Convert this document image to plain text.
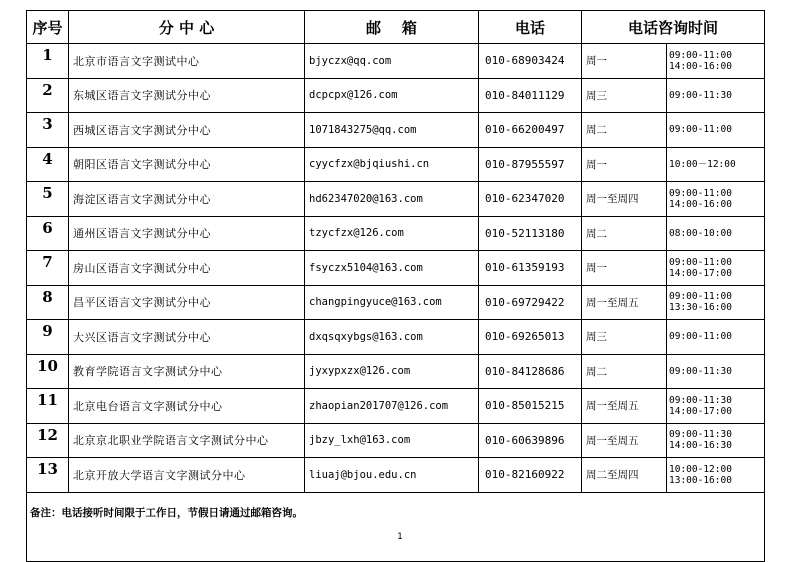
序号	分 中 心	邮    箱	电话	电话咨询时间	
1	北京市语言文字测试中心	bjyczx@qq.com	010-68903424	周一	09:00-11:00
14:00-16:00

2	东城区语言文字测试分中心	dcpcpx@126.com	010-84011129	周三	09:00-11:30

3	西城区语言文字测试分中心	1071843275@qq.com	010-66200497	周二	09:00-11:00

4	朝阳区语言文字测试分中心	cyycfzx@bjqiushi.cn	010-87955597	周一	10:00－12:00

5	海淀区语言文字测试分中心	hd62347020@163.com	010-62347020	周一至周四	09:00-11:00
14:00-16:00

6	通州区语言文字测试分中心	tzycfzx@126.com	010-52113180	周二	08:00-10:00

7	房山区语言文字测试分中心	fsyczx5104@163.com	010-61359193	周一	09:00-11:00
14:00-17:00

8	昌平区语言文字测试分中心	changpingyuce@163.com	010-69729422	周一至周五	09:00-11:00
13:30-16:00

9	大兴区语言文字测试分中心	dxqsqxybgs@163.com	010-69265013	周三	09:00-11:00

10	教育学院语言文字测试分中心	jyxypxzx@126.com	010-84128686	周二	09:00-11:30

11	北京电台语言文字测试分中心	zhaopian201707@126.com	010-85015215	周一至周五	09:00-11:30
14:00-17:00

12	北京京北职业学院语言文字测试分中心	jbzy_lxh@163.com	010-60639896	周一至周五	09:00-11:30
14:00-16:30

13	北京开放大学语言文字测试分中心	liuaj@bjou.edu.cn	010-82160922	周二至周四	10:00-12:00
13:00-16:00

备注：电话接听时间限于工作日，节假日请通过邮箱咨询。					

1
